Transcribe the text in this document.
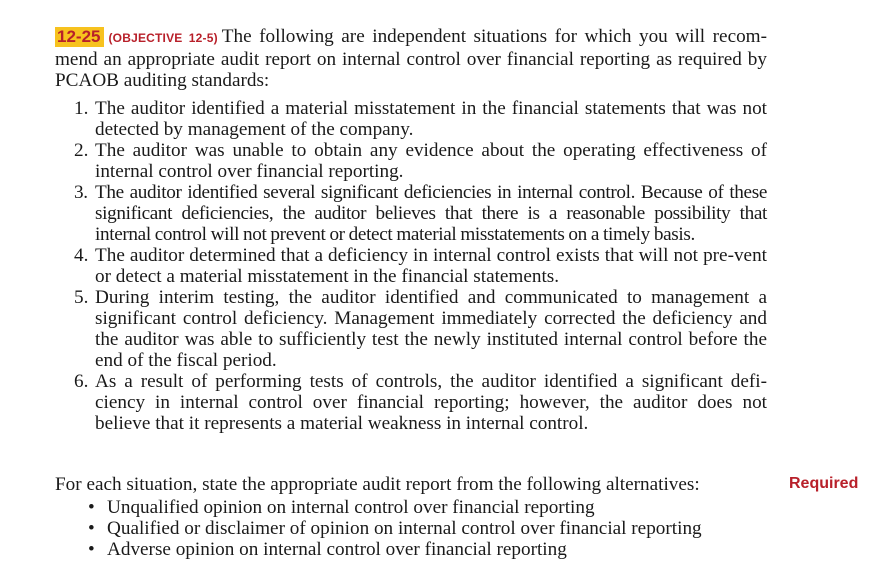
12-25 (OBJECTIVE 12-5) The following are independent situations for which you will recom-mend an appropriate audit report on internal control over financial reporting as required by PCAOB auditing standards:

1. The auditor identified a material misstatement in the financial statements that was not detected by management of the company.
2. The auditor was unable to obtain any evidence about the operating effectiveness of internal control over financial reporting.
3. The auditor identified several significant deficiencies in internal control. Because of these significant deficiencies, the auditor believes that there is a reasonable possibility that internal control will not prevent or detect material misstatements on a timely basis.
4. The auditor determined that a deficiency in internal control exists that will not pre-vent or detect a material misstatement in the financial statements.
5. During interim testing, the auditor identified and communicated to management a significant control deficiency. Management immediately corrected the deficiency and the auditor was able to sufficiently test the newly instituted internal control before the end of the fiscal period.
6. As a result of performing tests of controls, the auditor identified a significant defi-ciency in internal control over financial reporting; however, the auditor does not believe that it represents a material weakness in internal control.
Required

For each situation, state the appropriate audit report from the following alternatives:

• Unqualified opinion on internal control over financial reporting
• Qualified or disclaimer of opinion on internal control over financial reporting
• Adverse opinion on internal control over financial reporting
